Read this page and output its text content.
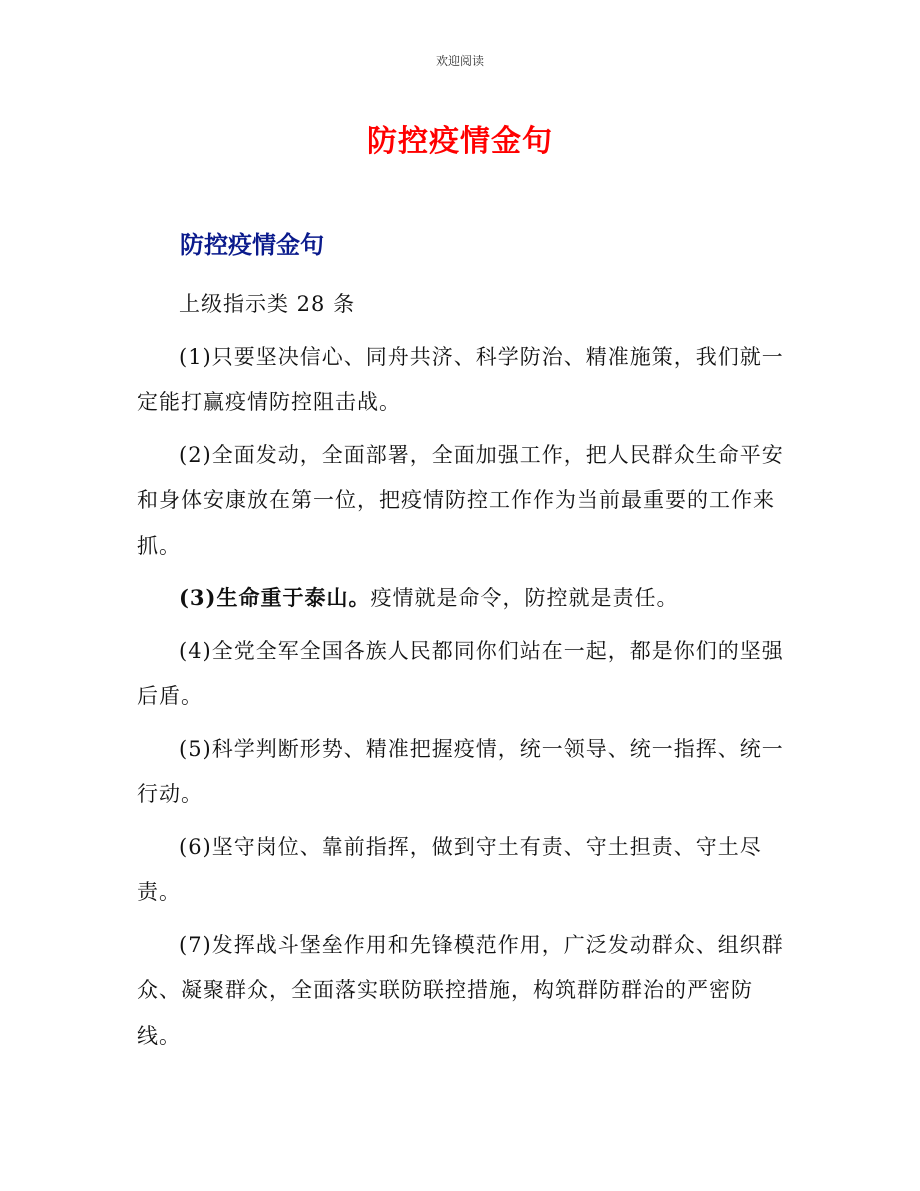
欢迎阅读
防控疫情金句
防控疫情金句

上级指示类 28 条

(1)只要坚决信心、同舟共济、科学防治、精准施策，我们就一定能打赢疫情防控阻击战。

(2)全面发动，全面部署，全面加强工作，把人民群众生命平安和身体安康放在第一位，把疫情防控工作作为当前最重要的工作来抓。

(3)生命重于泰山。疫情就是命令，防控就是责任。

(4)全党全军全国各族人民都同你们站在一起，都是你们的坚强后盾。

(5)科学判断形势、精准把握疫情，统一领导、统一指挥、统一行动。

(6)坚守岗位、靠前指挥，做到守土有责、守土担责、守土尽责。

(7)发挥战斗堡垒作用和先锋模范作用，广泛发动群众、组织群众、凝聚群众，全面落实联防联控措施，构筑群防群治的严密防线。
